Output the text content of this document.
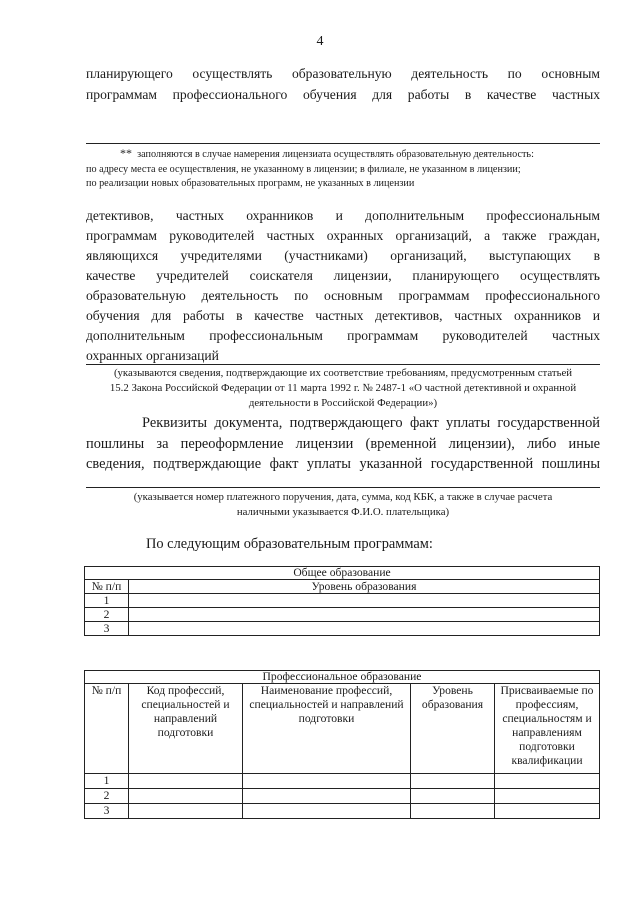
4

планирующего осуществлять образовательную деятельность по основным

программам профессионального обучения для работы в качестве частных

** заполняются в случае намерения лицензиата осуществлять образовательную деятельность:
по адресу места ее осуществления, не указанному в лицензии; в филиале, не указанном в лицензии;
по реализации новых образовательных программ, не указанных в лицензии

детективов, частных охранников и дополнительным профессиональным

программам руководителей частных охранных организаций, а также граждан,

являющихся учредителями (участниками) организаций, выступающих в

качестве учредителей соискателя лицензии, планирующего осуществлять

образовательную деятельность по основным программам профессионального

обучения для работы в качестве частных детективов, частных охранников и

дополнительным профессиональным программам руководителей частных

охранных организаций

(указываются сведения, подтверждающие их соответствие требованиям, предусмотренным статьей
15.2 Закона Российской Федерации от 11 марта 1992 г. № 2487-1 «О частной детективной и охранной
деятельности в Российской Федерации»)
Реквизиты документа, подтверждающего факт уплаты государственной
пошлины за переоформление лицензии (временной лицензии), либо иные
сведения, подтверждающие факт уплаты указанной государственной пошлины
(указывается номер платежного поручения, дата, сумма, код КБК, а также в случае расчета
наличными указывается Ф.И.О. плательщика)
По следующим образовательным программам:
Общее образование	
№ п/п	Уровень образования
1	
2	
3	
Профессиональное образование				
№ п/п	Код профессий, специальностей и направлений подготовки	Наименование профессий, специальностей и направлений подготовки	Уровень образования	Присваиваемые по профессиям, специальностям и направлениям подготовки квалификации
1				
2				
3				
